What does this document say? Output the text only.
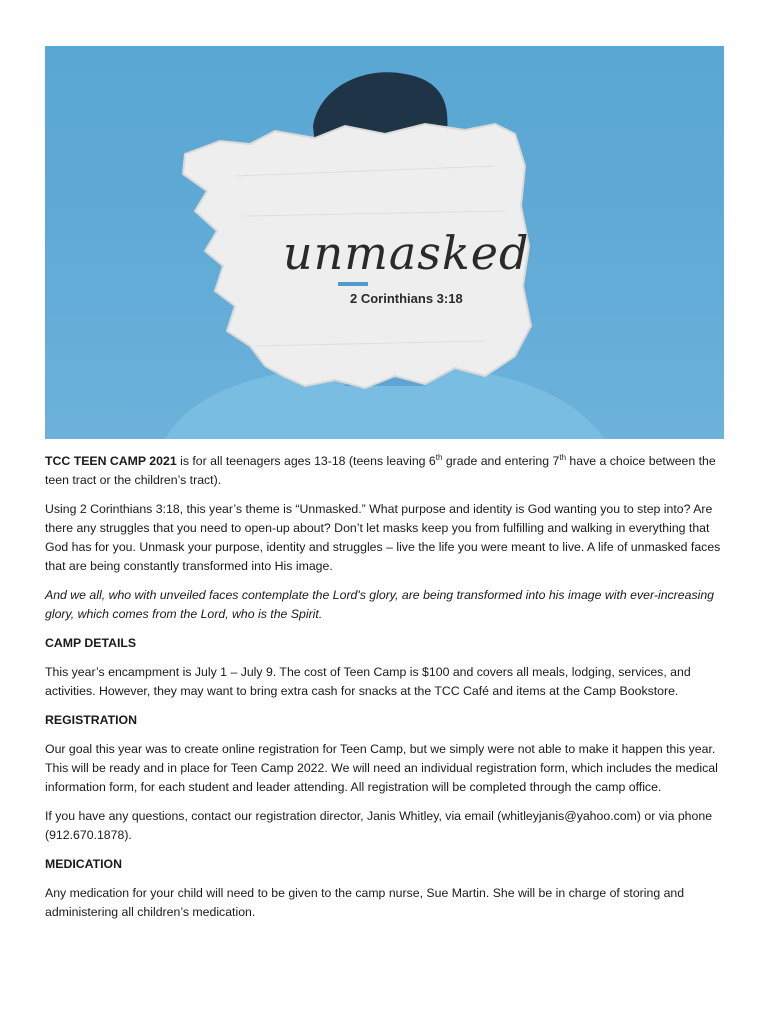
unmasked
2 Corinthians 3:18

TCC TEEN CAMP 2021 is for all teenagers ages 13-18 (teens leaving 6th grade and entering 7th have a choice between the teen tract or the children’s tract).

Using 2 Corinthians 3:18, this year’s theme is “Unmasked.” What purpose and identity is God wanting you to step into? Are there any struggles that you need to open-up about? Don’t let masks keep you from fulfilling and walking in everything that God has for you. Unmask your purpose, identity and struggles – live the life you were meant to live. A life of unmasked faces that are being constantly transformed into His image.

And we all, who with unveiled faces contemplate the Lord's glory, are being transformed into his image with ever-increasing glory, which comes from the Lord, who is the Spirit.

CAMP DETAILS

This year’s encampment is July 1 – July 9. The cost of Teen Camp is $100 and covers all meals, lodging, services, and activities. However, they may want to bring extra cash for snacks at the TCC Café and items at the Camp Bookstore.

REGISTRATION

Our goal this year was to create online registration for Teen Camp, but we simply were not able to make it happen this year. This will be ready and in place for Teen Camp 2022. We will need an individual registration form, which includes the medical information form, for each student and leader attending. All registration will be completed through the camp office.

If you have any questions, contact our registration director, Janis Whitley, via email (whitleyjanis@yahoo.com) or via phone (912.670.1878).

MEDICATION

Any medication for your child will need to be given to the camp nurse, Sue Martin. She will be in charge of storing and administering all children’s medication.
